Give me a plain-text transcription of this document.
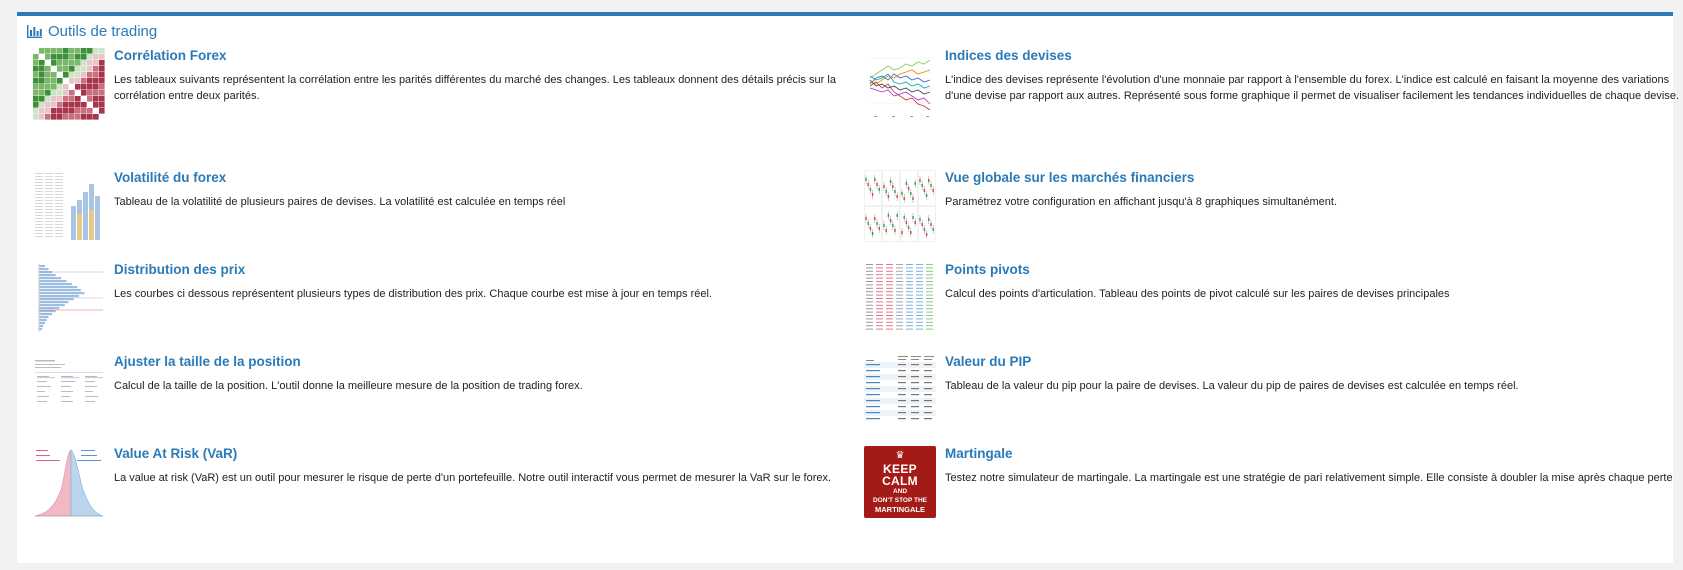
Outils de trading
Corrélation Forex

Les tableaux suivants représentent la corrélation entre les parités différentes du marché des changes. Les tableaux donnent des détails précis sur la corrélation entre deux parités.

Indices des devises

L'indice des devises représente l'évolution d'une monnaie par rapport à l'ensemble du forex. L'indice est calculé en faisant la moyenne des variations d'une devise par rapport aux autres. Représenté sous forme graphique il permet de visualiser facilement les tendances individuelles de chaque devise.

Volatilité du forex

Tableau de la volatilité de plusieurs paires de devises. La volatilité est calculée en temps réel

Vue globale sur les marchés financiers

Paramétrez votre configuration en affichant jusqu'à 8 graphiques simultanément.

Distribution des prix

Les courbes ci dessous représentent plusieurs types de distribution des prix. Chaque courbe est mise à jour en temps réel.

Points pivots

Calcul des points d'articulation. Tableau des points de pivot calculé sur les paires de devises principales

Ajuster la taille de la position

Calcul de la taille de la position. L'outil donne la meilleure mesure de la position de trading forex.

Valeur du PIP

Tableau de la valeur du pip pour la paire de devises. La valeur du pip de paires de devises est calculée en temps réel.

Value At Risk (VaR)

La value at risk (VaR) est un outil pour mesurer le risque de perte d'un portefeuille. Notre outil interactif vous permet de mesurer la VaR sur le forex.

♛
KEEP
CALM
AND
DON'T STOP THE
MARTINGALE
Martingale

Testez notre simulateur de martingale. La martingale est une stratégie de pari relativement simple. Elle consiste à doubler la mise après chaque perte
